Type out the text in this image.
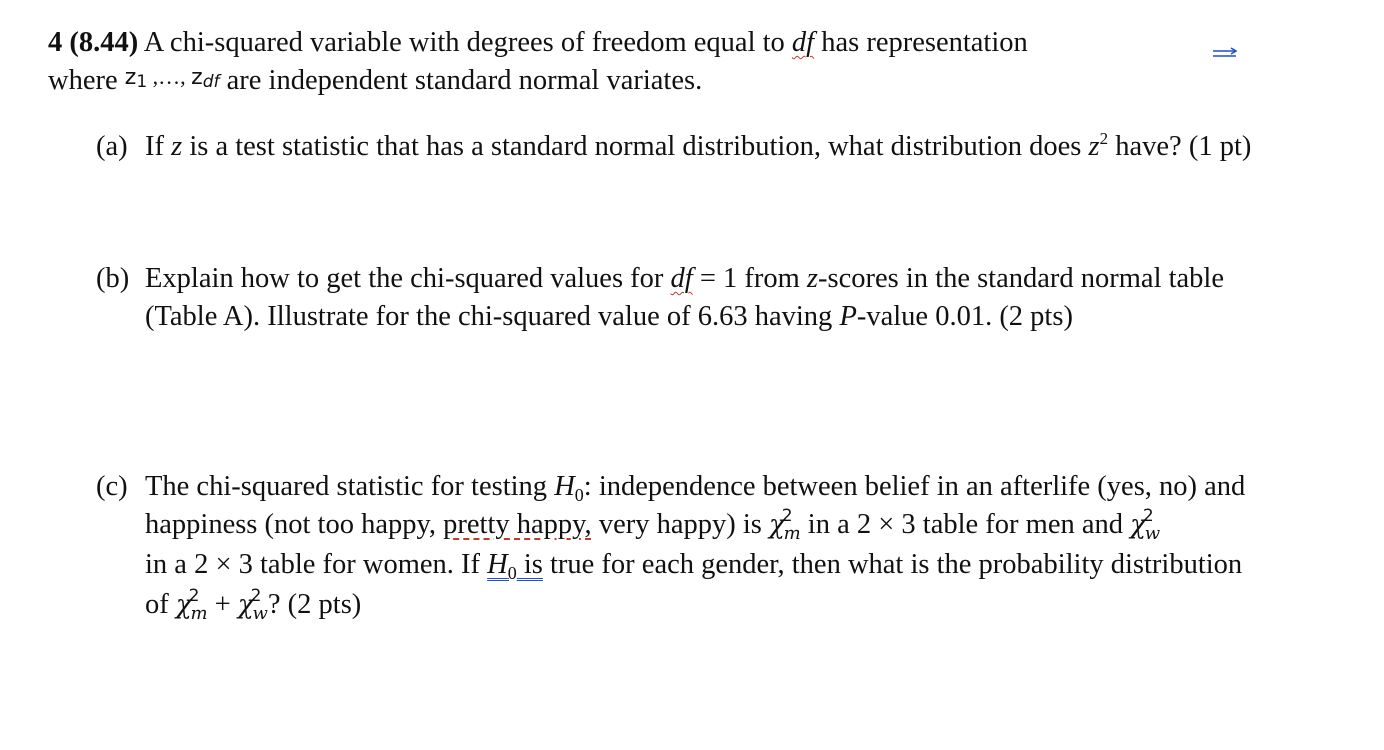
4 (8.44) A chi-squared variable with degrees of freedom equal to df has representation
where z1 ,…, zdf are independent standard normal variates.
(a) If z is a test statistic that has a standard normal distribution, what distribution does $z^2$ have? (1 pt)
(b) Explain how to get the chi-squared values for df = 1 from z-scores in the standard normal table
(Table A). Illustrate for the chi-squared value of 6.63 having P-value 0.01. (2 pts)
(c) The chi-squared statistic for testing $H_0$: independence between belief in an afterlife (yes, no) and
happiness (not too happy, pretty happy, very happy) is $\chi^2_m$ in a 2 × 3 table for men and $\chi^2_w$
in a 2 × 3 table for women. If $H_0$ is true for each gender, then what is the probability distribution
of $\chi^2_m + \chi^2_w$? (2 pts)
